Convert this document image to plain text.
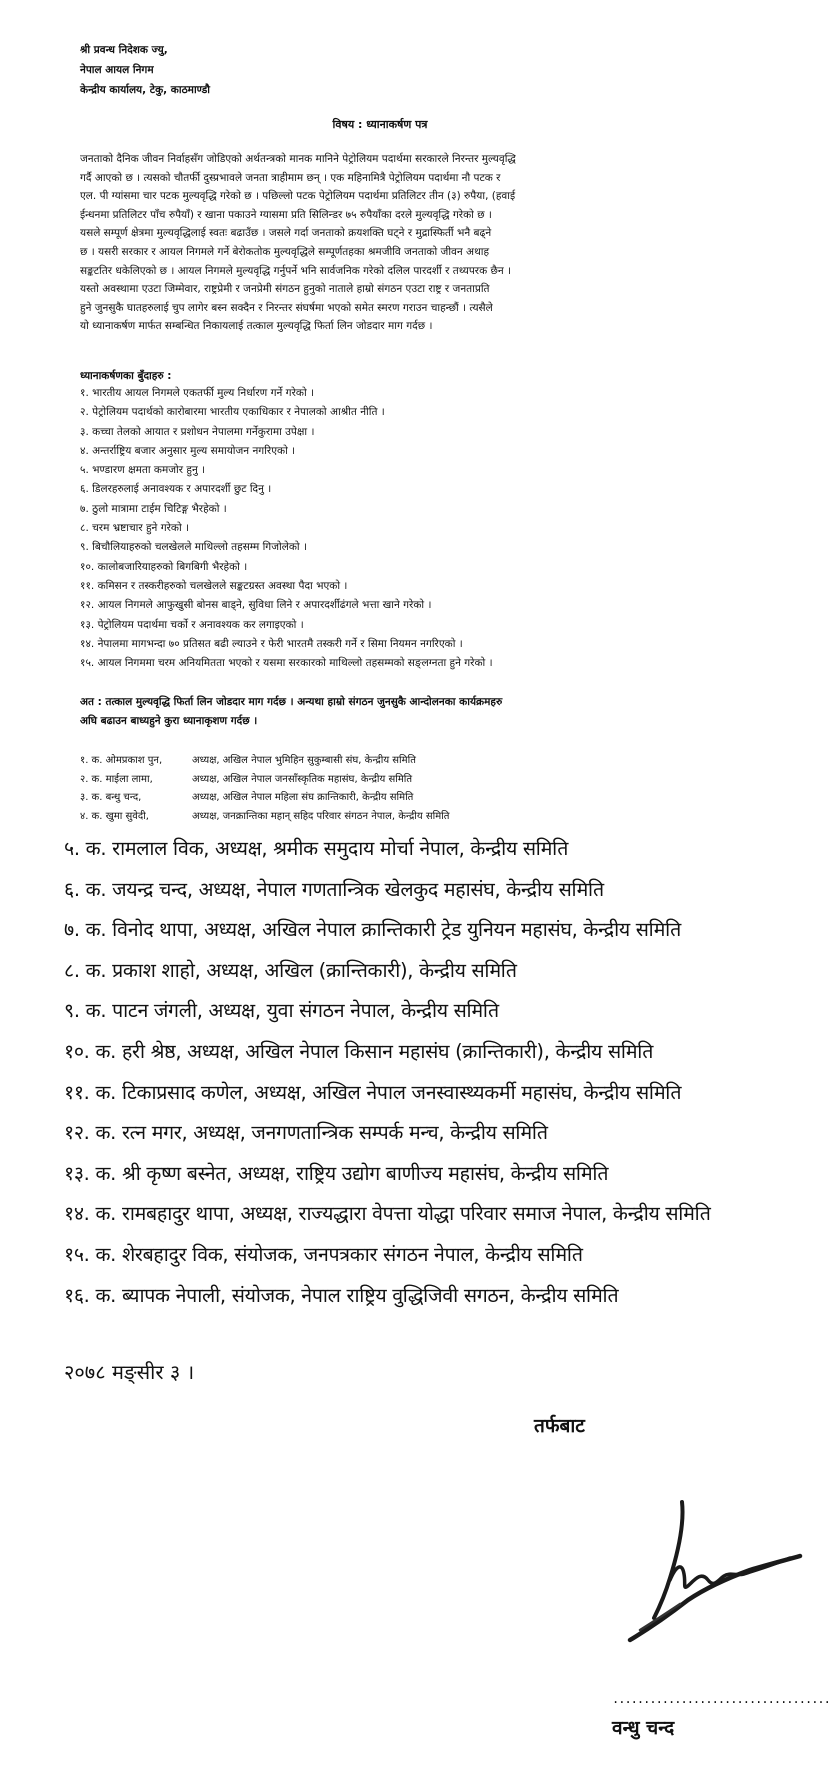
श्री प्रवन्ध निदेशक ज्यु,
नेपाल आयल निगम
केन्द्रीय कार्यालय, टेकु, काठमाण्डौ
विषय : ध्यानाकर्षण पत्र
जनताको दैनिक जीवन निर्वाहसँग जोडिएको अर्थतन्त्रको मानक मानिने पेट्रोलियम पदार्थमा सरकारले निरन्तर मुल्यवृद्धि
गर्दै आएको छ । त्यसको चौतर्फी दुस्प्रभावले जनता त्राहीमाम छन् । एक महिनामित्रै पेट्रोलियम पदार्थमा नौ पटक र
एल. पी ग्यांसमा चार पटक मुल्यवृद्धि गरेको छ । पछिल्लो पटक पेट्रोलियम पदार्थमा प्रतिलिटर तीन (३) रुपैया, (हवाई
ईन्धनमा प्रतिलिटर पाँच रुपैयाँ) र खाना पकाउने ग्यासमा प्रति सिलिन्डर ७५ रुपैयाँका दरले मुल्यवृद्धि गरेको छ ।
यसले सम्पूर्ण क्षेत्रमा मुल्यवृद्धिलाई स्वतः बढाउँछ । जसले गर्दा जनताको क्रयशक्ति घट्ने र मुद्रास्फिर्ती भनै बढ्ने
छ । यसरी सरकार र आयल निगमले गर्ने बेरोकतोक मुल्यवृद्धिले सम्पूर्णतहका श्रमजीवि जनताको जीवन अथाह
सङ्कटतिर धकेलिएको छ । आयल निगमले मुल्यवृद्धि गर्नुपर्ने भनि सार्वजनिक गरेको दलिल पारदर्शी र तथ्यपरक छैन ।
यस्तो अवस्थामा एउटा जिम्मेवार, राष्ट्रप्रेमी र जनप्रेमी संगठन हुनुको नाताले हाम्रो संगठन एउटा राष्ट्र र जनताप्रति
हुने जुनसुकै घातहरुलाई चुप लागेर बस्न सक्दैन र निरन्तर संघर्षमा भएको समेत स्मरण गराउन चाहन्छौं । त्यसैले
यो ध्यानाकर्षण मार्फत सम्बन्धित निकायलाई तत्काल मुल्यवृद्धि फिर्ता लिन जोडदार माग गर्दछ ।
ध्यानाकर्षणका बुँदाहरु :
१. भारतीय आयल निगमले एकतर्फी मुल्य निर्धारण गर्ने गरेको ।
२. पेट्रोलियम पदार्थको कारोबारमा भारतीय एकाधिकार र नेपालको आश्रीत नीति ।
३. कच्चा तेलको आयात र प्रशोधन नेपालमा गर्नेकुरामा उपेक्षा ।
४. अन्तर्राष्ट्रिय बजार अनुसार मुल्य समायोजन नगरिएको ।
५. भण्डारण क्षमता कमजोर हुनु ।
६. डिलरहरुलाई अनावश्यक र अपारदर्शी छुट दिनु ।
७. ठुलो मात्रामा टाईम चिटिङ्ग भैरहेको ।
८. चरम भ्रष्टाचार हुने गरेको ।
९. बिचौलियाहरुको चलखेलले माथिल्लो तहसम्म गिजोलेको ।
१०. कालोबजारियाहरुको बिगबिगी भैरहेको ।
११. कमिसन र तस्करीहरुको चलखेलले सङ्कटग्रस्त अवस्था पैदा भएको ।
१२. आयल निगमले आफुखुसी बोनस बाड्ने, सुविधा लिने र अपारदर्शीढंगले भत्ता खाने गरेको ।
१३. पेट्रोलियम पदार्थमा चर्को र अनावश्यक कर लगाइएको ।
१४. नेपालमा मागभन्दा ७० प्रतिसत बढी ल्याउने र फेरी भारतमै तस्करी गर्ने र सिमा नियमन नगरिएको ।
१५. आयल निगममा चरम अनियमितता भएको र यसमा सरकारको माथिल्लो तहसम्मको सङ्लग्नता हुने गरेको ।
अत : तत्काल मुल्यवृद्धि फिर्ता लिन जोडदार माग गर्दछ । अन्यथा हाम्रो संगठन जुनसुकै आन्दोलनका कार्यक्रमहरु
अघि बढाउन बाध्यहुने कुरा ध्यानाकृशण गर्दछ ।
१. क. ओमप्रकाश पुन,	अध्यक्ष, अखिल नेपाल भुमिहिन सुकुम्बासी संघ, केन्द्रीय समिति
२. क. माईला लामा,	अध्यक्ष, अखिल नेपाल जनसाँस्कृतिक महासंघ, केन्द्रीय समिति
३. क. बन्धु चन्द,	अध्यक्ष, अखिल नेपाल महिला संघ क्रान्तिकारी, केन्द्रीय समिति
४. क. खुमा सुवेदी,	अध्यक्ष, जनक्रान्तिका महान् सहिद परिवार संगठन नेपाल, केन्द्रीय समिति
५. क. रामलाल विक, अध्यक्ष, श्रमीक समुदाय मोर्चा नेपाल, केन्द्रीय समिति
६. क. जयन्द्र चन्द, अध्यक्ष, नेपाल गणतान्त्रिक खेलकुद महासंघ, केन्द्रीय समिति
७. क. विनोद थापा, अध्यक्ष, अखिल नेपाल क्रान्तिकारी ट्रेड युनियन महासंघ, केन्द्रीय समिति
८. क. प्रकाश शाहो, अध्यक्ष, अखिल (क्रान्तिकारी), केन्द्रीय समिति
९. क. पाटन जंगली, अध्यक्ष, युवा संगठन नेपाल, केन्द्रीय समिति
१०. क. हरी श्रेष्ठ, अध्यक्ष, अखिल नेपाल किसान महासंघ (क्रान्तिकारी), केन्द्रीय समिति
११. क. टिकाप्रसाद कणेल, अध्यक्ष, अखिल नेपाल जनस्वास्थ्यकर्मी महासंघ, केन्द्रीय समिति
१२. क. रत्न मगर, अध्यक्ष, जनगणतान्त्रिक सम्पर्क मन्च, केन्द्रीय समिति
१३. क. श्री कृष्ण बस्नेत, अध्यक्ष, राष्ट्रिय उद्योग बाणीज्य महासंघ, केन्द्रीय समिति
१४. क. रामबहादुर थापा, अध्यक्ष, राज्यद्धारा वेपत्ता योद्धा परिवार समाज नेपाल, केन्द्रीय समिति
१५. क. शेरबहादुर विक, संयोजक, जनपत्रकार संगठन नेपाल, केन्द्रीय समिति
१६. क. ब्यापक नेपाली, संयोजक, नेपाल राष्ट्रिय वुद्धिजिवी सगठन, केन्द्रीय समिति
२०७८ मङ्सीर ३ ।
तर्फबाट
...................................
वन्धु चन्द
